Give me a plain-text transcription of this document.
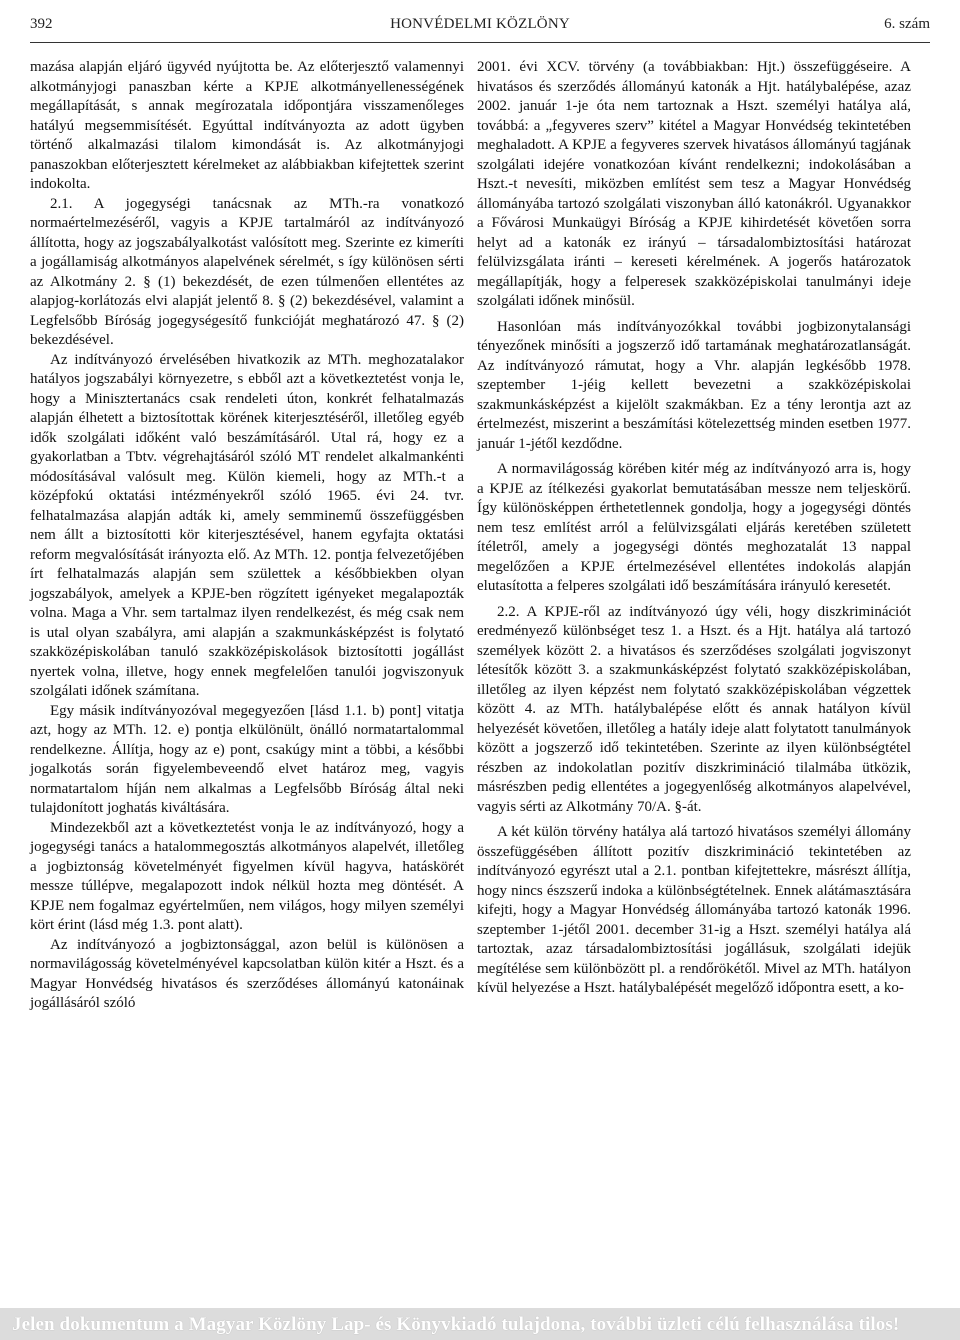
392	HONVÉDELMI KÖZLÖNY	6. szám

mazása alapján eljáró ügyvéd nyújtotta be. Az előterjesztő valamennyi alkotmányjogi panaszban kérte a KPJE alkotmányellenességének megállapítását, s annak megírozatala időpontjára visszamenőleges hatályú megsemmisítését. Egyúttal indítványozta az adott ügyben történő alkalmazási tilalom kimondását is. Az alkotmányjogi panaszokban előterjesztett kérelmeket az alábbiakban kifejtettek szerint indokolta.

2.1. A jogegységi tanácsnak az MTh.-ra vonatkozó normaértelmezéséről, vagyis a KPJE tartalmáról az indítványozó állította, hogy az jogszabályalkotást valósított meg. Szerinte ez kimeríti a jogállamiság alkotmányos alapelvének sérelmét, s így különösen sérti az Alkotmány 2. § (1) bekezdését, de ezen túlmenően ellentétes az alapjog-korlátozás elvi alapját jelentő 8. § (2) bekezdésével, valamint a Legfelsőbb Bíróság jogegységesítő funkcióját meghatározó 47. § (2) bekezdésével.

Az indítványozó érvelésében hivatkozik az MTh. meghozatalakor hatályos jogszabályi környezetre, s ebből azt a következtetést vonja le, hogy a Minisztertanács csak rendeleti úton, konkrét felhatalmazás alapján élhetett a biztosítottak körének kiterjesztéséről, illetőleg egyéb idők szolgálati időként való beszámításáról. Utal rá, hogy ez a gyakorlatban a Tbtv. végrehajtásáról szóló MT rendelet alkalmankénti módosításával valósult meg. Külön kiemeli, hogy az MTh.-t a középfokú oktatási intézményekről szóló 1965. évi 24. tvr. felhatalmazása alapján adták ki, amely semminemű összefüggésben nem állt a biztosítotti kör kiterjesztésével, hanem egyfajta oktatási reform megvalósítását irányozta elő. Az MTh. 12. pontja felvezetőjében írt felhatalmazás alapján sem születtek a későbbiekben olyan jogszabályok, amelyek a KPJE-ben rögzített igényeket megalapozták volna. Maga a Vhr. sem tartalmaz ilyen rendelkezést, és még csak nem is utal olyan szabályra, ami alapján a szakmunkásképzést is folytató szakközépiskolában tanuló szakközépiskolások biztosítotti jogállást nyertek volna, illetve, hogy ennek megfelelően tanulói jogviszonyuk szolgálati időnek számítana.

Egy másik indítványozóval megegyezően [lásd 1.1. b) pont] vitatja azt, hogy az MTh. 12. e) pontja elkülönült, önálló normatartalommal rendelkezne. Állítja, hogy az e) pont, csakúgy mint a többi, a későbbi jogalkotás során figyelembeveendő elvet határoz meg, vagyis normatartalom híján nem alkalmas a Legfelsőbb Bíróság által neki tulajdonított joghatás kiváltására.

Mindezekből azt a következtetést vonja le az indítványozó, hogy a jogegységi tanács a hatalommegosztás alkotmányos alapelvét, illetőleg a jogbiztonság követelményét figyelmen kívül hagyva, hatáskörét messze túllépve, megalapozott indok nélkül hozta meg döntését. A KPJE nem fogalmaz egyértelműen, nem világos, hogy milyen személyi kört érint (lásd még 1.3. pont alatt).

Az indítványozó a jogbiztonsággal, azon belül is különösen a normavilágosság követelményével kapcsolatban külön kitér a Hszt. és a Magyar Honvédség hivatásos és szerződéses állományú katonáinak jogállásáról szóló

2001. évi XCV. törvény (a továbbiakban: Hjt.) összefüggéseire. A hivatásos és szerződés állományú katonák a Hjt. hatálybalépése, azaz 2002. január 1-je óta nem tartoznak a Hszt. személyi hatálya alá, továbbá: a „fegyveres szerv” kitétel a Magyar Honvédség tekintetében meghaladott. A KPJE a fegyveres szervek hivatásos állományú tagjának szolgálati idejére vonatkozóan kívánt rendelkezni; indokolásában a Hszt.-t nevesíti, miközben említést sem tesz a Magyar Honvédség állományába tartozó szolgálati viszonyban álló katonákról. Ugyanakkor a Fővárosi Munkaügyi Bíróság a KPJE kihirdetését követően sorra helyt ad a katonák ez irányú – társadalombiztosítási határozat felülvizsgálata iránti – kereseti kérelmének. A jogerős határozatok megállapítják, hogy a felperesek szakközépiskolai tanulmányi ideje szolgálati időnek minősül.

Hasonlóan más indítványozókkal további jogbizonytalansági tényezőnek minősíti a jogszerző idő tartamának meghatározatlanságát. Az indítványozó rámutat, hogy a Vhr. alapján legkésőbb 1978. szeptember 1-jéig kellett bevezetni a szakközépiskolai szakmunkásképzést a kijelölt szakmákban. Ez a tény lerontja azt az értelmezést, miszerint a beszámítási kötelezettség minden esetben 1977. január 1-jétől kezdődne.

A normavilágosság körében kitér még az indítványozó arra is, hogy a KPJE az ítélkezési gyakorlat bemutatásában messze nem teljeskörű. Így különösképpen érthetetlennek gondolja, hogy a jogegységi döntés nem tesz említést arról a felülvizsgálati eljárás keretében született ítéletről, amely a jogegységi döntés meghozatalát 13 nappal megelőzően a KPJE értelmezésével ellentétes indokolás alapján elutasította a felperes szolgálati idő beszámítására irányuló keresetét.

2.2. A KPJE-ről az indítványozó úgy véli, hogy diszkriminációt eredményező különbséget tesz 1. a Hszt. és a Hjt. hatálya alá tartozó személyek között 2. a hivatásos és szerződéses szolgálati jogviszonyt létesítők között 3. a szakmunkásképzést folytató szakközépiskolában, illetőleg az ilyen képzést nem folytató szakközépiskolában végzettek között 4. az MTh. hatálybalépése előtt és annak hatályon kívül helyezését követően, illetőleg a hatály ideje alatt folytatott tanulmányok között a jogszerző idő tekintetében. Szerinte az ilyen különbségtétel részben az indokolatlan pozitív diszkrimináció tilalmába ütközik, másrészben pedig ellentétes a jogegyenlőség alkotmányos alapelvével, vagyis sérti az Alkotmány 70/A. §-át.

A két külön törvény hatálya alá tartozó hivatásos személyi állomány összefüggésében állított pozitív diszkrimináció tekintetében az indítványozó egyrészt utal a 2.1. pontban kifejtettekre, másrészt állítja, hogy nincs észszerű indoka a különbségtételnek. Ennek alátámasztására kifejti, hogy a Magyar Honvédség állományába tartozó katonák 1996. szeptember 1-jétől 2001. december 31-ig a Hszt. személyi hatálya alá tartoztak, azaz társadalombiztosítási jogállásuk, szolgálati idejük megítélése sem különbözött pl. a rendőrökétől. Mivel az MTh. hatályon kívül helyezése a Hszt. hatálybalépését megelőző időpontra esett, a ko-

Jelen dokumentum a Magyar Közlöny Lap- és Könyvkiadó tulajdona, további üzleti célú felhasználása tilos!
